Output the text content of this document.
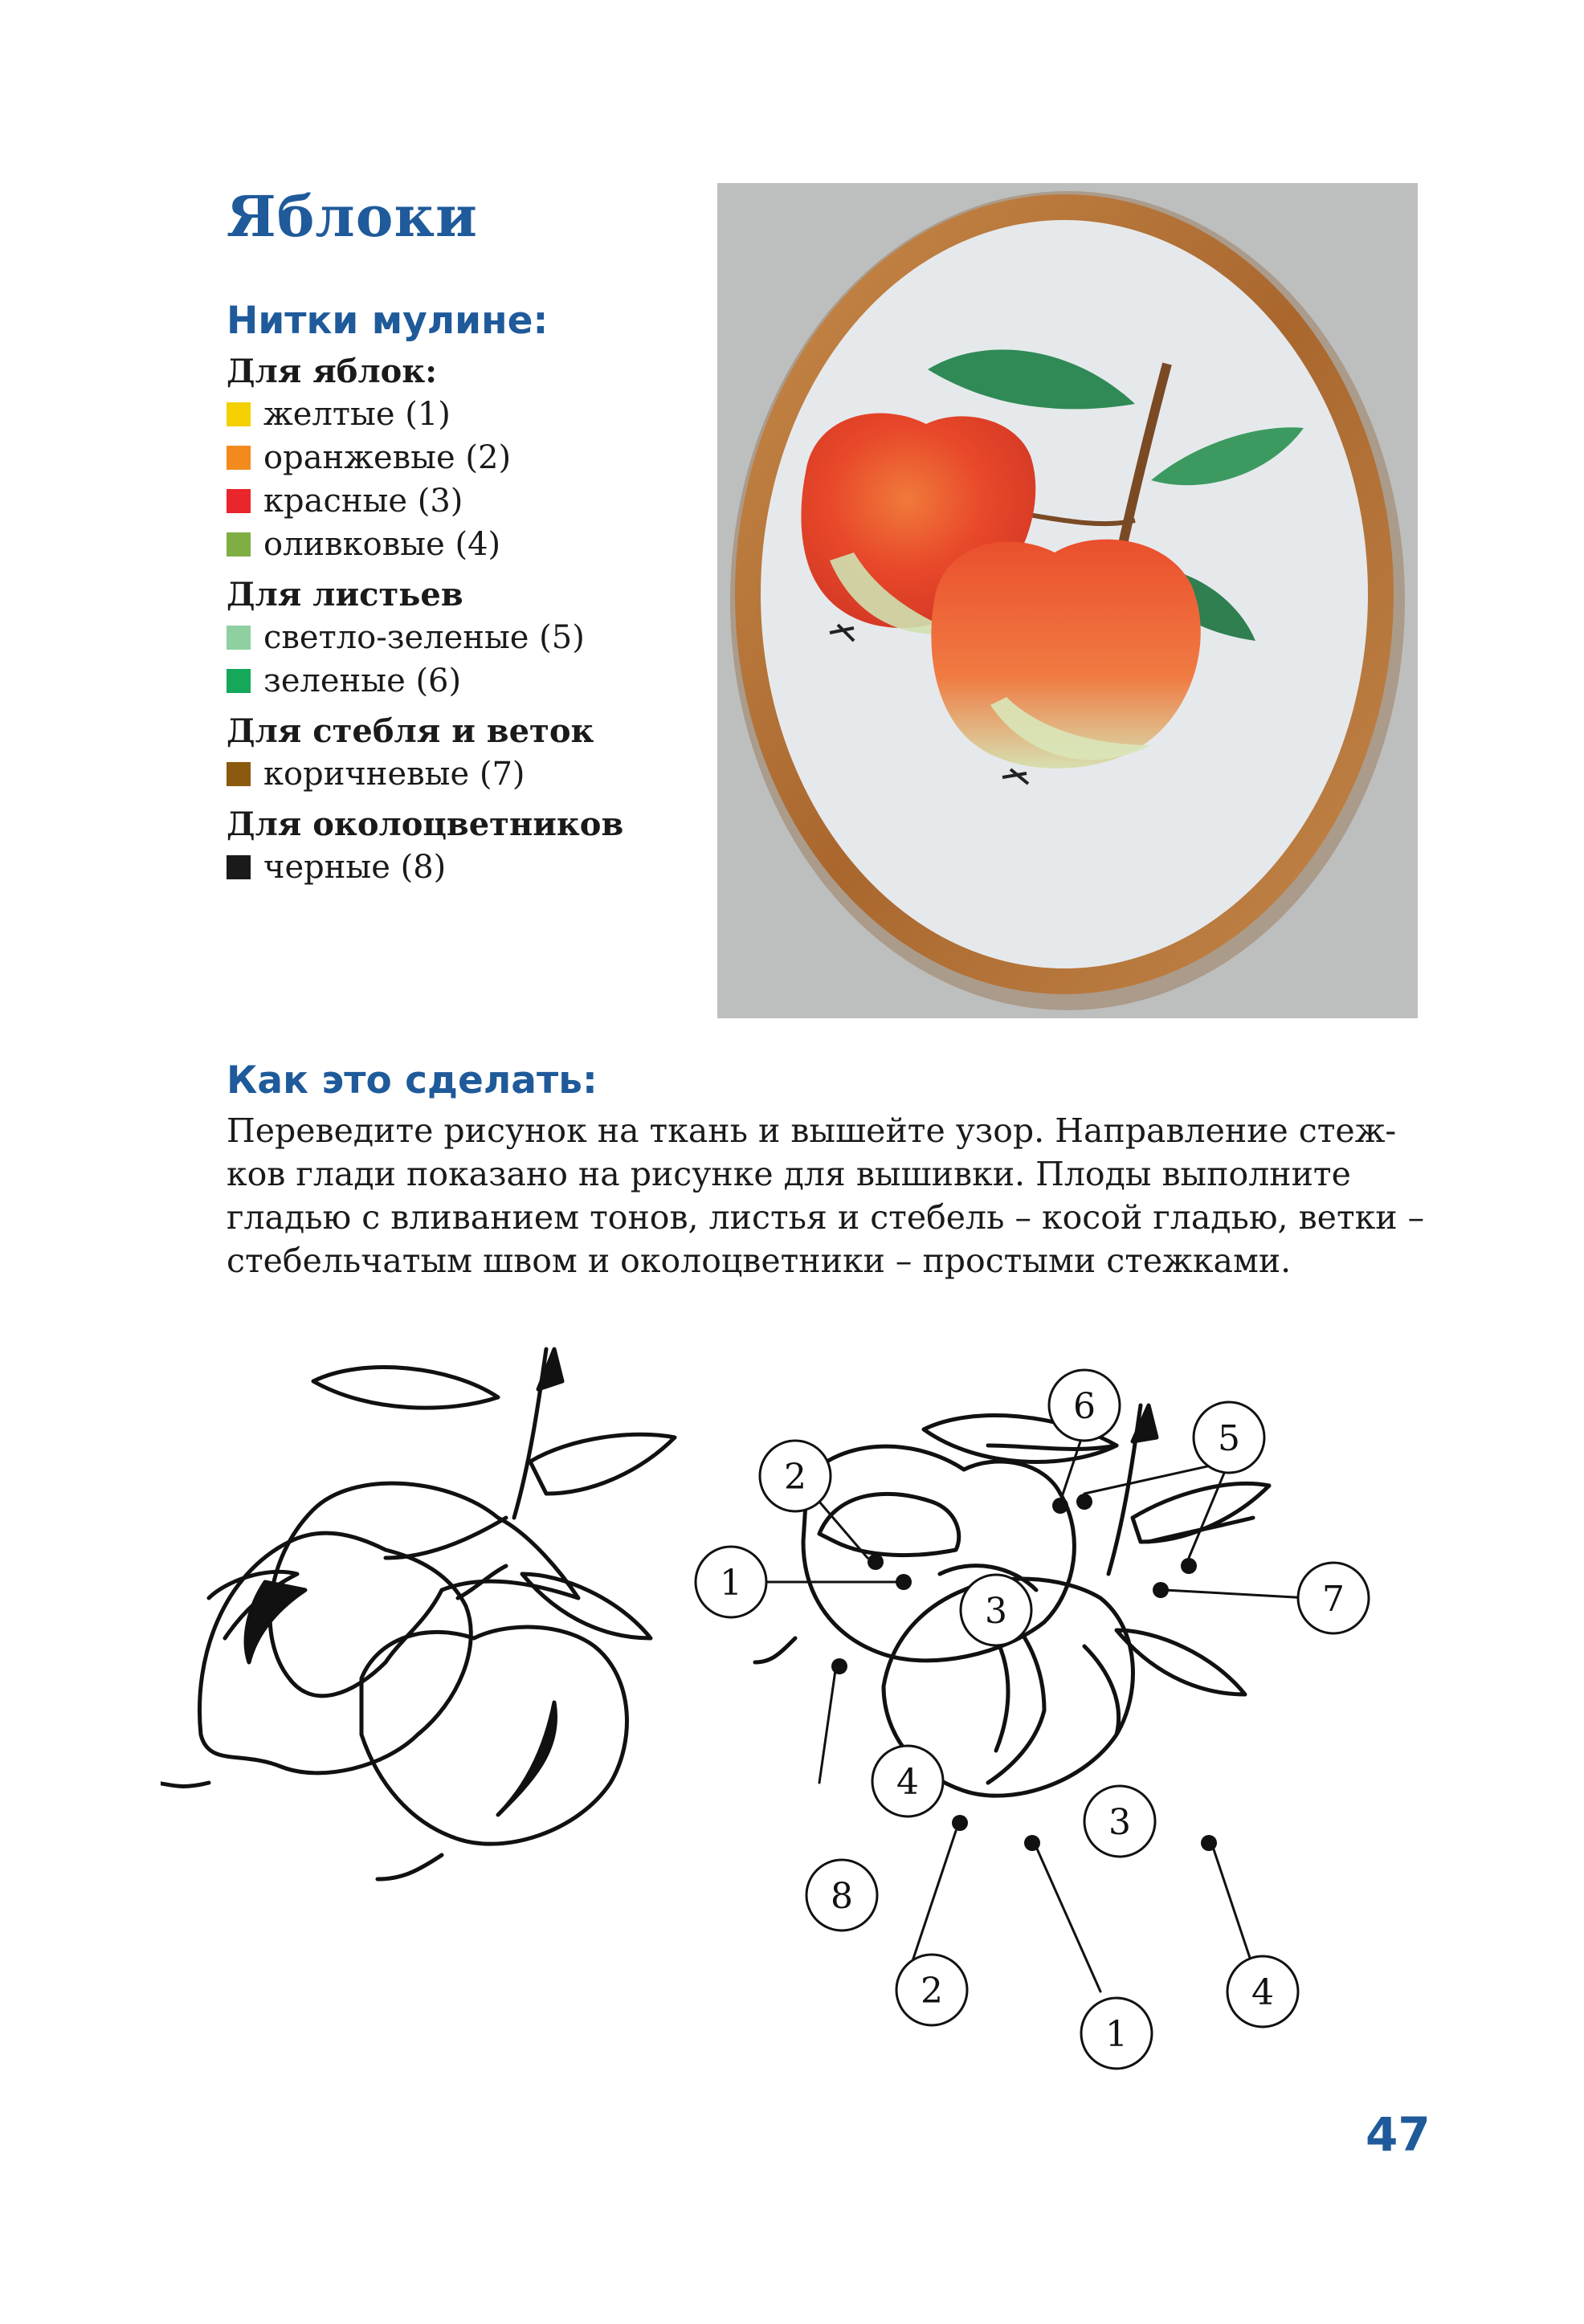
Яблоки
Нитки мулине:
Для яблок:
желтые (1)
оранжевые (2)
красные (3)
оливковые (4)
Для листьев
светло-зеленые (5)
зеленые (6)
Для стебля и веток
коричневые (7)
Для околоцветников
черные (8)
Как это сделать:
Переведите рисунок на ткань и вышейте узор. Направление стеж-
ков глади показано на рисунке для вышивки. Плоды выполните
гладью с вливанием тонов, листья и стебель – косой гладью, ветки –
стебельчатым швом и околоцветники – простыми стежками.
6
5
2
1
3	7
4
8
3
2
1
4
47
